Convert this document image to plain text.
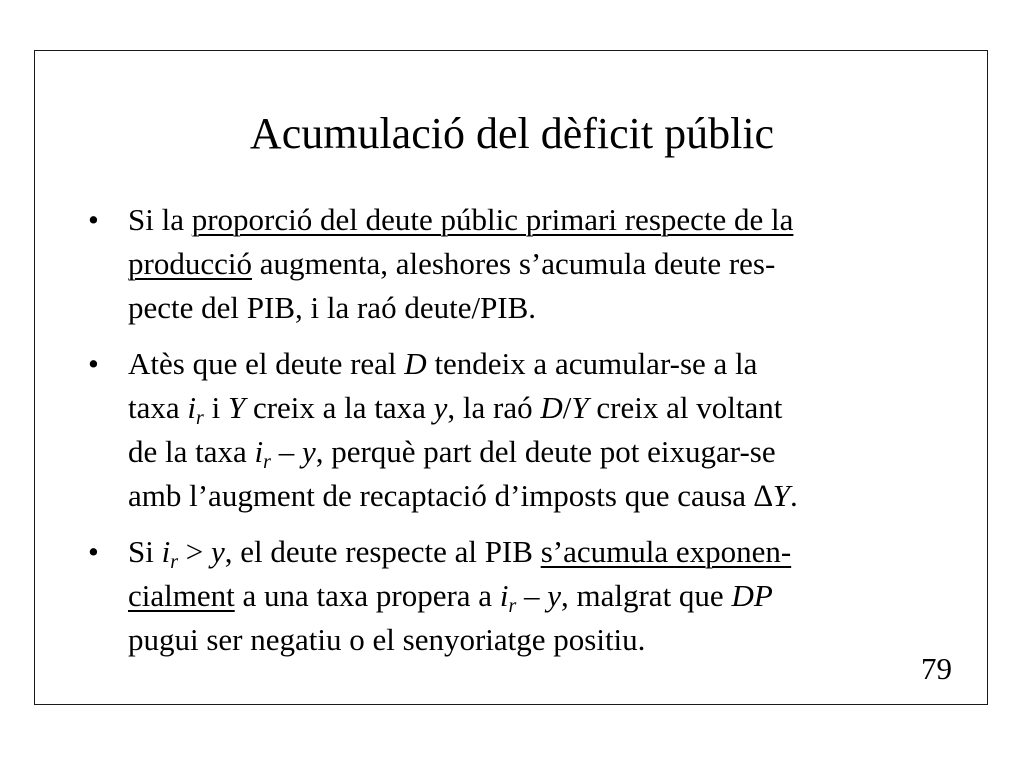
Acumulació del dèficit públic
• Si la proporció del deute públic primari respecte de la
producció augmenta, aleshores s’acumula deute res-
pecte del PIB, i la raó deute/PIB.
• Atès que el deute real D tendeix a acumular-se a la
taxa $i_r$ i Y creix a la taxa y, la raó D/Y creix al voltant
de la taxa $i_r$ – y, perquè part del deute pot eixugar-se
amb l’augment de recaptació d’imposts que causa ∆Y.
• Si $i_r > y$, el deute respecte al PIB s’acumula exponen-
cialment a una taxa propera a $i_r$ – y, malgrat que DP
pugui ser negatiu o el senyoriatge positiu.
79
